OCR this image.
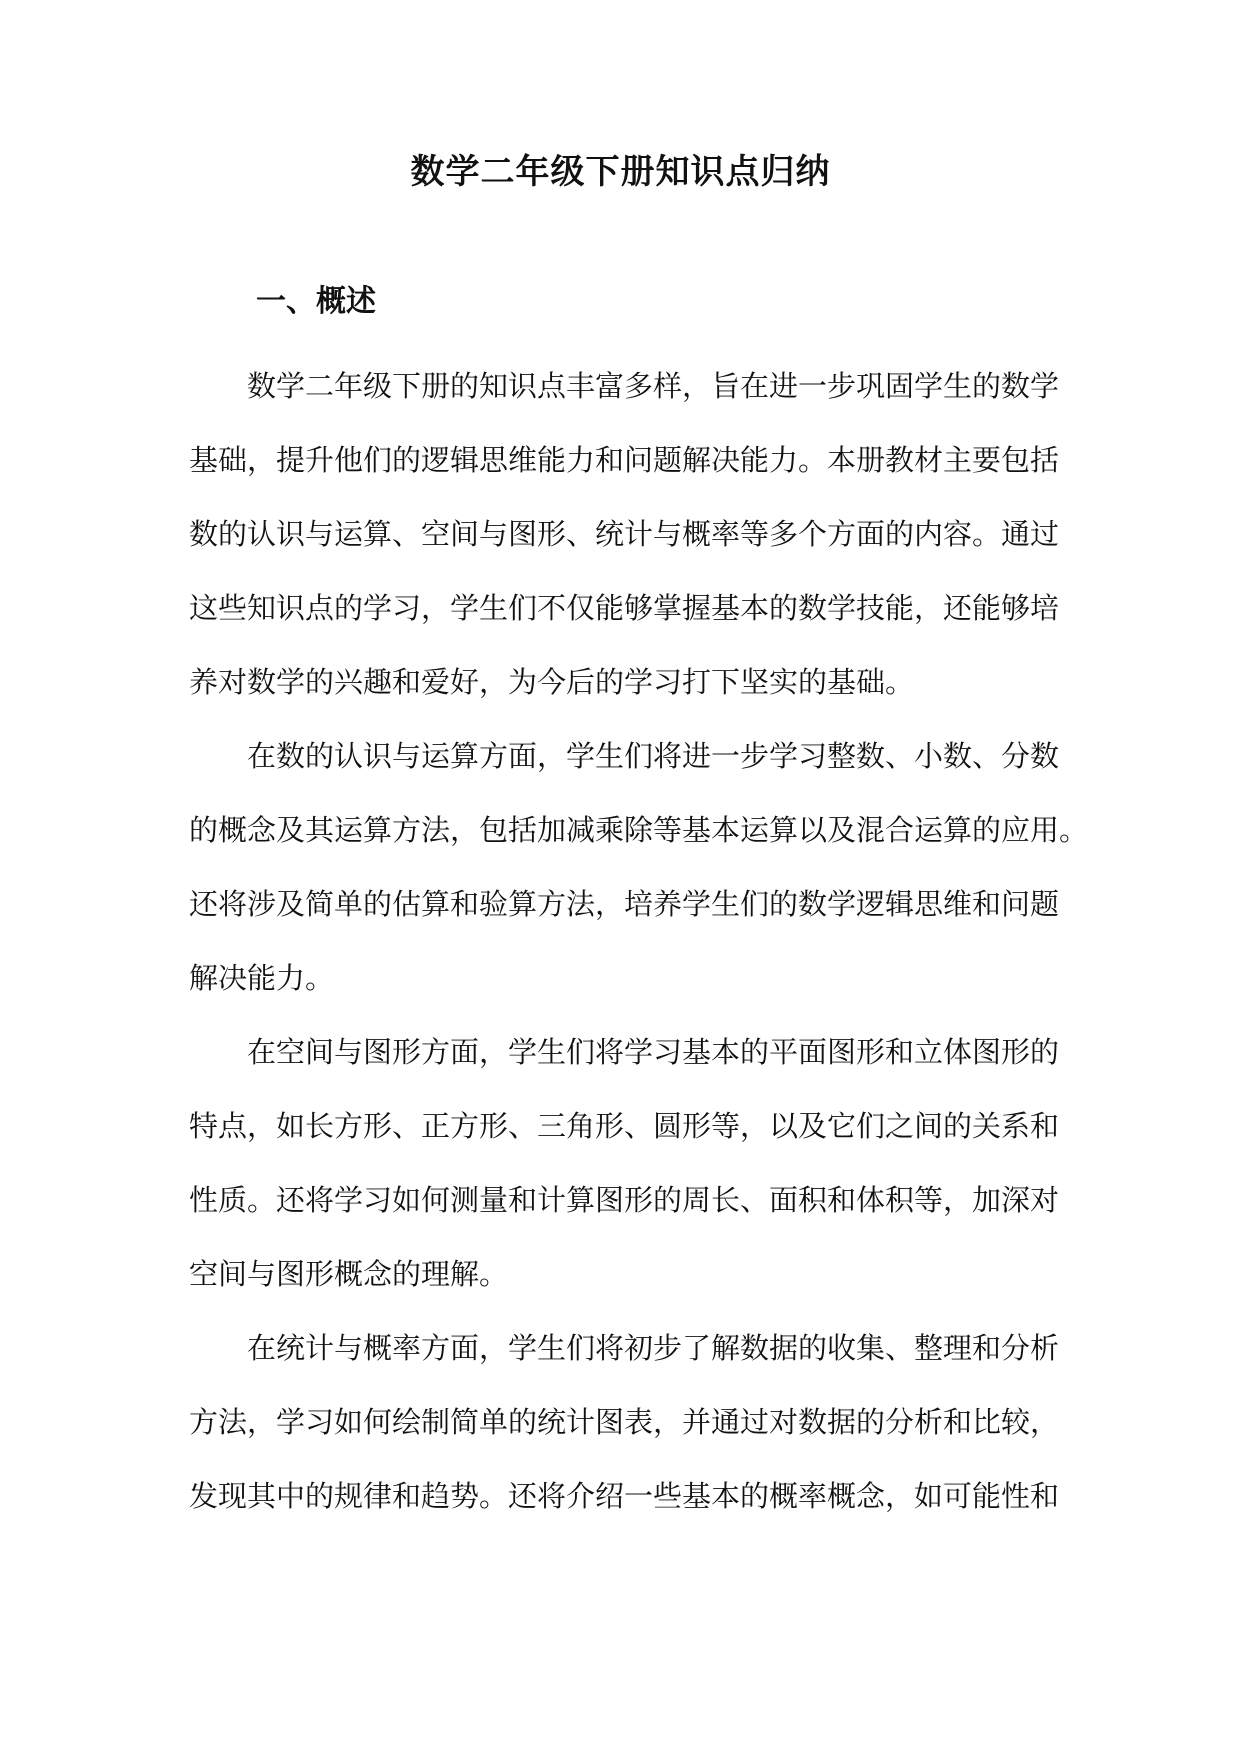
数学二年级下册知识点归纳
一、概述
数学二年级下册的知识点丰富多样，旨在进一步巩固学生的数学
基础，提升他们的逻辑思维能力和问题解决能力。本册教材主要包括
数的认识与运算、空间与图形、统计与概率等多个方面的内容。通过
这些知识点的学习，学生们不仅能够掌握基本的数学技能，还能够培
养对数学的兴趣和爱好，为今后的学习打下坚实的基础。
在数的认识与运算方面，学生们将进一步学习整数、小数、分数
的概念及其运算方法，包括加减乘除等基本运算以及混合运算的应用。
还将涉及简单的估算和验算方法，培养学生们的数学逻辑思维和问题
解决能力。
在空间与图形方面，学生们将学习基本的平面图形和立体图形的
特点，如长方形、正方形、三角形、圆形等，以及它们之间的关系和
性质。还将学习如何测量和计算图形的周长、面积和体积等，加深对
空间与图形概念的理解。
在统计与概率方面，学生们将初步了解数据的收集、整理和分析
方法，学习如何绘制简单的统计图表，并通过对数据的分析和比较，
发现其中的规律和趋势。还将介绍一些基本的概率概念，如可能性和
